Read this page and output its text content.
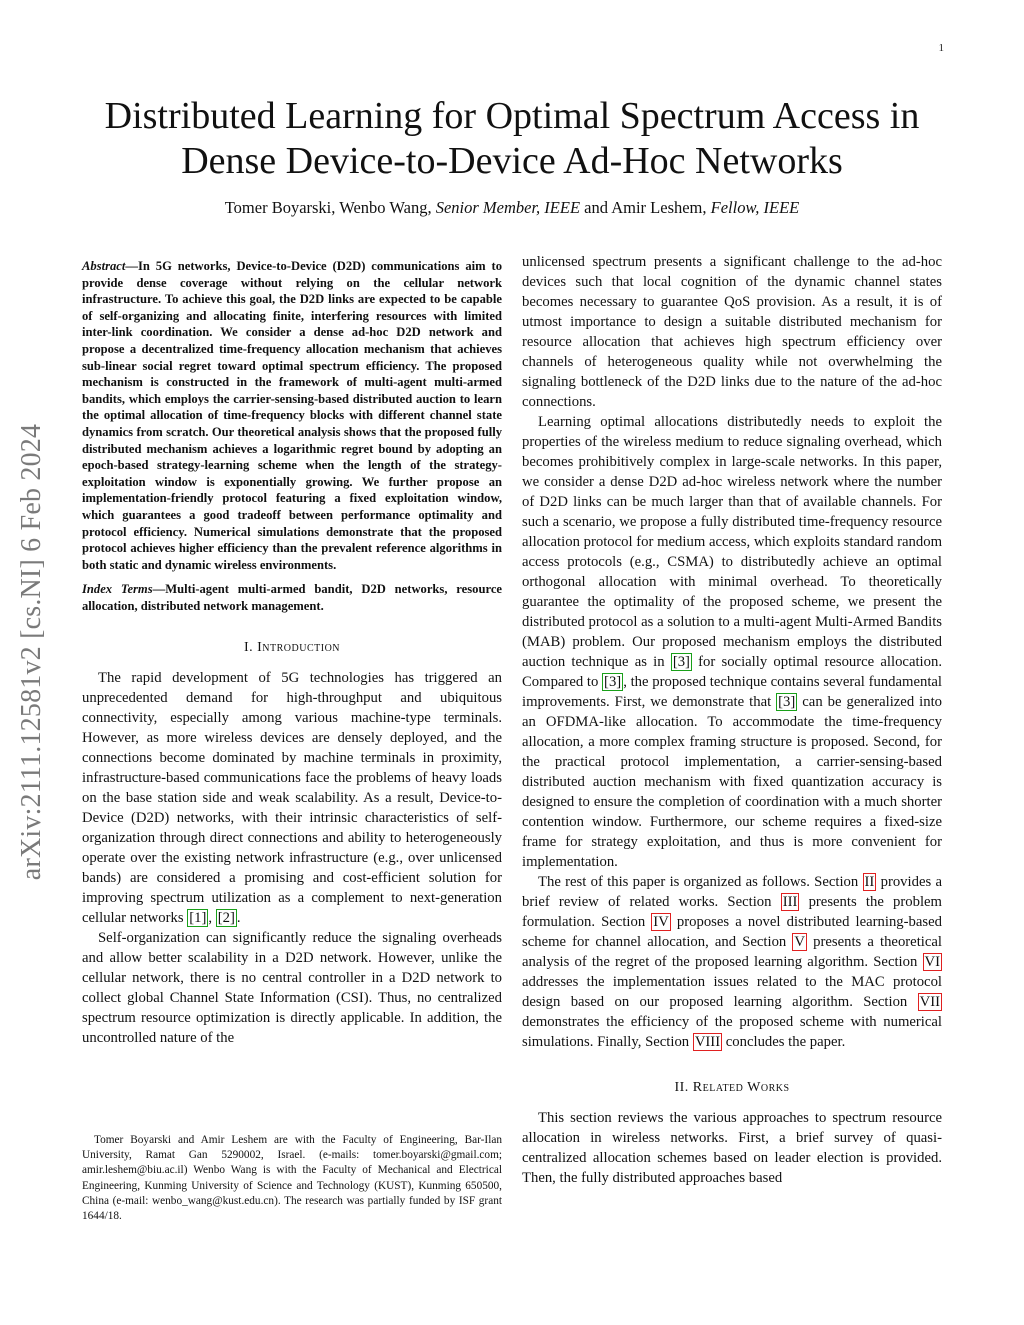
1
Distributed Learning for Optimal Spectrum Access in Dense Device-to-Device Ad-Hoc Networks
Tomer Boyarski, Wenbo Wang, Senior Member, IEEE and Amir Leshem, Fellow, IEEE
arXiv:2111.12581v2 [cs.NI] 6 Feb 2024

Abstract—In 5G networks, Device-to-Device (D2D) communications aim to provide dense coverage without relying on the cellular network infrastructure. To achieve this goal, the D2D links are expected to be capable of self-organizing and allocating finite, interfering resources with limited inter-link coordination. We consider a dense ad-hoc D2D network and propose a decentralized time-frequency allocation mechanism that achieves sub-linear social regret toward optimal spectrum efficiency. The proposed mechanism is constructed in the framework of multi-agent multi-armed bandits, which employs the carrier-sensing-based distributed auction to learn the optimal allocation of time-frequency blocks with different channel state dynamics from scratch. Our theoretical analysis shows that the proposed fully distributed mechanism achieves a logarithmic regret bound by adopting an epoch-based strategy-learning scheme when the length of the strategy-exploitation window is exponentially growing. We further propose an implementation-friendly protocol featuring a fixed exploitation window, which guarantees a good tradeoff between performance optimality and protocol efficiency. Numerical simulations demonstrate that the proposed protocol achieves higher efficiency than the prevalent reference algorithms in both static and dynamic wireless environments.

Index Terms—Multi-agent multi-armed bandit, D2D networks, resource allocation, distributed network management.

I. Introduction

The rapid development of 5G technologies has triggered an unprecedented demand for high-throughput and ubiquitous connectivity, especially among various machine-type terminals. However, as more wireless devices are densely deployed, and the connections become dominated by machine terminals in proximity, infrastructure-based communications face the problems of heavy loads on the base station side and weak scalability. As a result, Device-to-Device (D2D) networks, with their intrinsic characteristics of self-organization through direct connections and ability to heterogeneously operate over the existing network infrastructure (e.g., over unlicensed bands) are considered a promising and cost-efficient solution for improving spectrum utilization as a complement to next-generation cellular networks [1] , [2] .

Self-organization can significantly reduce the signaling overheads and allow better scalability in a D2D network. However, unlike the cellular network, there is no central controller in a D2D network to collect global Channel State Information (CSI). Thus, no centralized spectrum resource optimization is directly applicable. In addition, the uncontrolled nature of the

Tomer Boyarski and Amir Leshem are with the Faculty of Engineering, Bar-Ilan University, Ramat Gan 5290002, Israel. (e-mails: tomer.boyarski@gmail.com; amir.leshem@biu.ac.il) Wenbo Wang is with the Faculty of Mechanical and Electrical Engineering, Kunming University of Science and Technology (KUST), Kunming 650500, China (e-mail: wenbo_wang@kust.edu.cn). The research was partially funded by ISF grant 1644/18.

unlicensed spectrum presents a significant challenge to the ad-hoc devices such that local cognition of the dynamic channel states becomes necessary to guarantee QoS provision. As a result, it is of utmost importance to design a suitable distributed mechanism for resource allocation that achieves high spectrum efficiency over channels of heterogeneous quality while not overwhelming the signaling bottleneck of the D2D links due to the nature of the ad-hoc connections.

Learning optimal allocations distributedly needs to exploit the properties of the wireless medium to reduce signaling overhead, which becomes prohibitively complex in large-scale networks. In this paper, we consider a dense D2D ad-hoc wireless network where the number of D2D links can be much larger than that of available channels. For such a scenario, we propose a fully distributed time-frequency resource allocation protocol for medium access, which exploits standard random access protocols (e.g., CSMA) to distributedly achieve an optimal orthogonal allocation with minimal overhead. To theoretically guarantee the optimality of the proposed scheme, we present the distributed protocol as a solution to a multi-agent Multi-Armed Bandits (MAB) problem. Our proposed mechanism employs the distributed auction technique as in [3] for socially optimal resource allocation. Compared to [3] , the proposed technique contains several fundamental improvements. First, we demonstrate that [3] can be generalized into an OFDMA-like allocation. To accommodate the time-frequency allocation, a more complex framing structure is proposed. Second, for the practical protocol implementation, a carrier-sensing-based distributed auction mechanism with fixed quantization accuracy is designed to ensure the completion of coordination with a much shorter contention window. Furthermore, our scheme requires a fixed-size frame for strategy exploitation, and thus is more convenient for implementation.

The rest of this paper is organized as follows. Section II provides a brief review of related works. Section III presents the problem formulation. Section IV proposes a novel distributed learning-based scheme for channel allocation, and Section V presents a theoretical analysis of the regret of the proposed learning algorithm. Section VI addresses the implementation issues related to the MAC protocol design based on our proposed learning algorithm. Section VII demonstrates the efficiency of the proposed scheme with numerical simulations. Finally, Section VIII concludes the paper.

II. Related Works

This section reviews the various approaches to spectrum resource allocation in wireless networks. First, a brief survey of quasi-centralized allocation schemes based on leader election is provided. Then, the fully distributed approaches based
